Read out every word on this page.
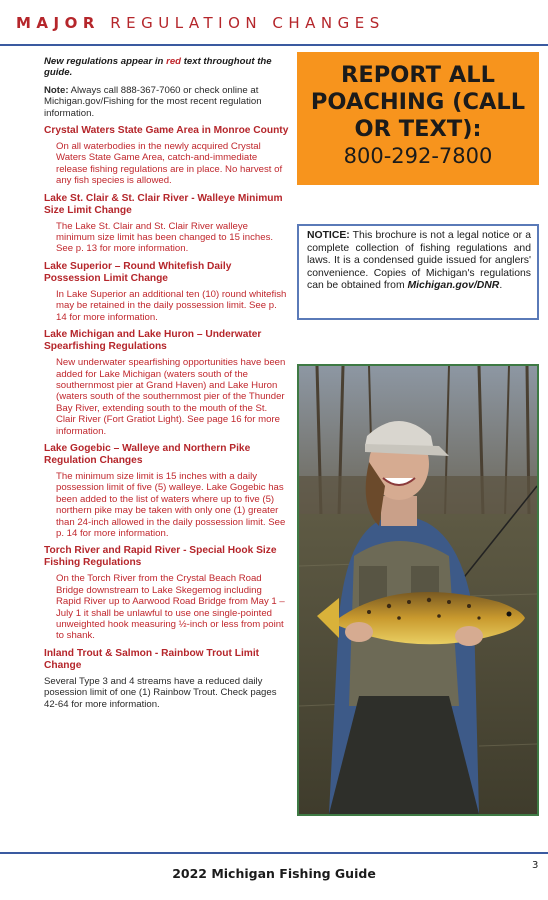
MAJOR REGULATION CHANGES
New regulations appear in red text throughout the guide.
Note: Always call 888-367-7060 or check online at Michigan.gov/Fishing for the most recent regulation information.
Crystal Waters State Game Area in Monroe County

On all waterbodies in the newly acquired Crystal Waters State Game Area, catch-and-immediate release fishing regulations are in place. No harvest of any fish species is allowed.

Lake St. Clair & St. Clair River - Walleye Minimum Size Limit Change

The Lake St. Clair and St. Clair River walleye minimum size limit has been changed to 15 inches. See p. 13 for more information.

Lake Superior – Round Whitefish Daily Possession Limit Change

In Lake Superior an additional ten (10) round whitefish may be retained in the daily possession limit. See p. 14 for more information.

Lake Michigan and Lake Huron – Underwater Spearfishing Regulations

New underwater spearfishing opportunities have been added for Lake Michigan (waters south of the southernmost pier at Grand Haven) and Lake Huron (waters south of the southernmost pier of the Thunder Bay River, extending south to the mouth of the St. Clair River (Fort Gratiot Light). See page 16 for more information.

Lake Gogebic – Walleye and Northern Pike Regulation Changes

The minimum size limit is 15 inches with a daily possession limit of five (5) walleye. Lake Gogebic has been added to the list of waters where up to five (5) northern pike may be taken with only one (1) greater than 24-inch allowed in the daily possession limit. See p. 14 for more information.

Torch River and Rapid River - Special Hook Size Fishing Regulations

On the Torch River from the Crystal Beach Road Bridge downstream to Lake Skegemog including Rapid River up to Aarwood Road Bridge from May 1 – July 1 it shall be unlawful to use one single-pointed unweighted hook measuring ½-inch or less from point to shank.

Inland Trout & Salmon - Rainbow Trout Limit Change

Several Type 3 and 4 streams have a reduced daily posession limit of one (1) Rainbow Trout. Check pages 42-64 for more information.

REPORT ALL POACHING (CALL OR TEXT):
800-292-7800
NOTICE: This brochure is not a legal notice or a complete collection of fishing regulations and laws. It is a condensed guide issued for anglers' convenience. Copies of Michigan's regulations can be obtained from Michigan.gov/DNR.
2022 Michigan Fishing Guide
3
